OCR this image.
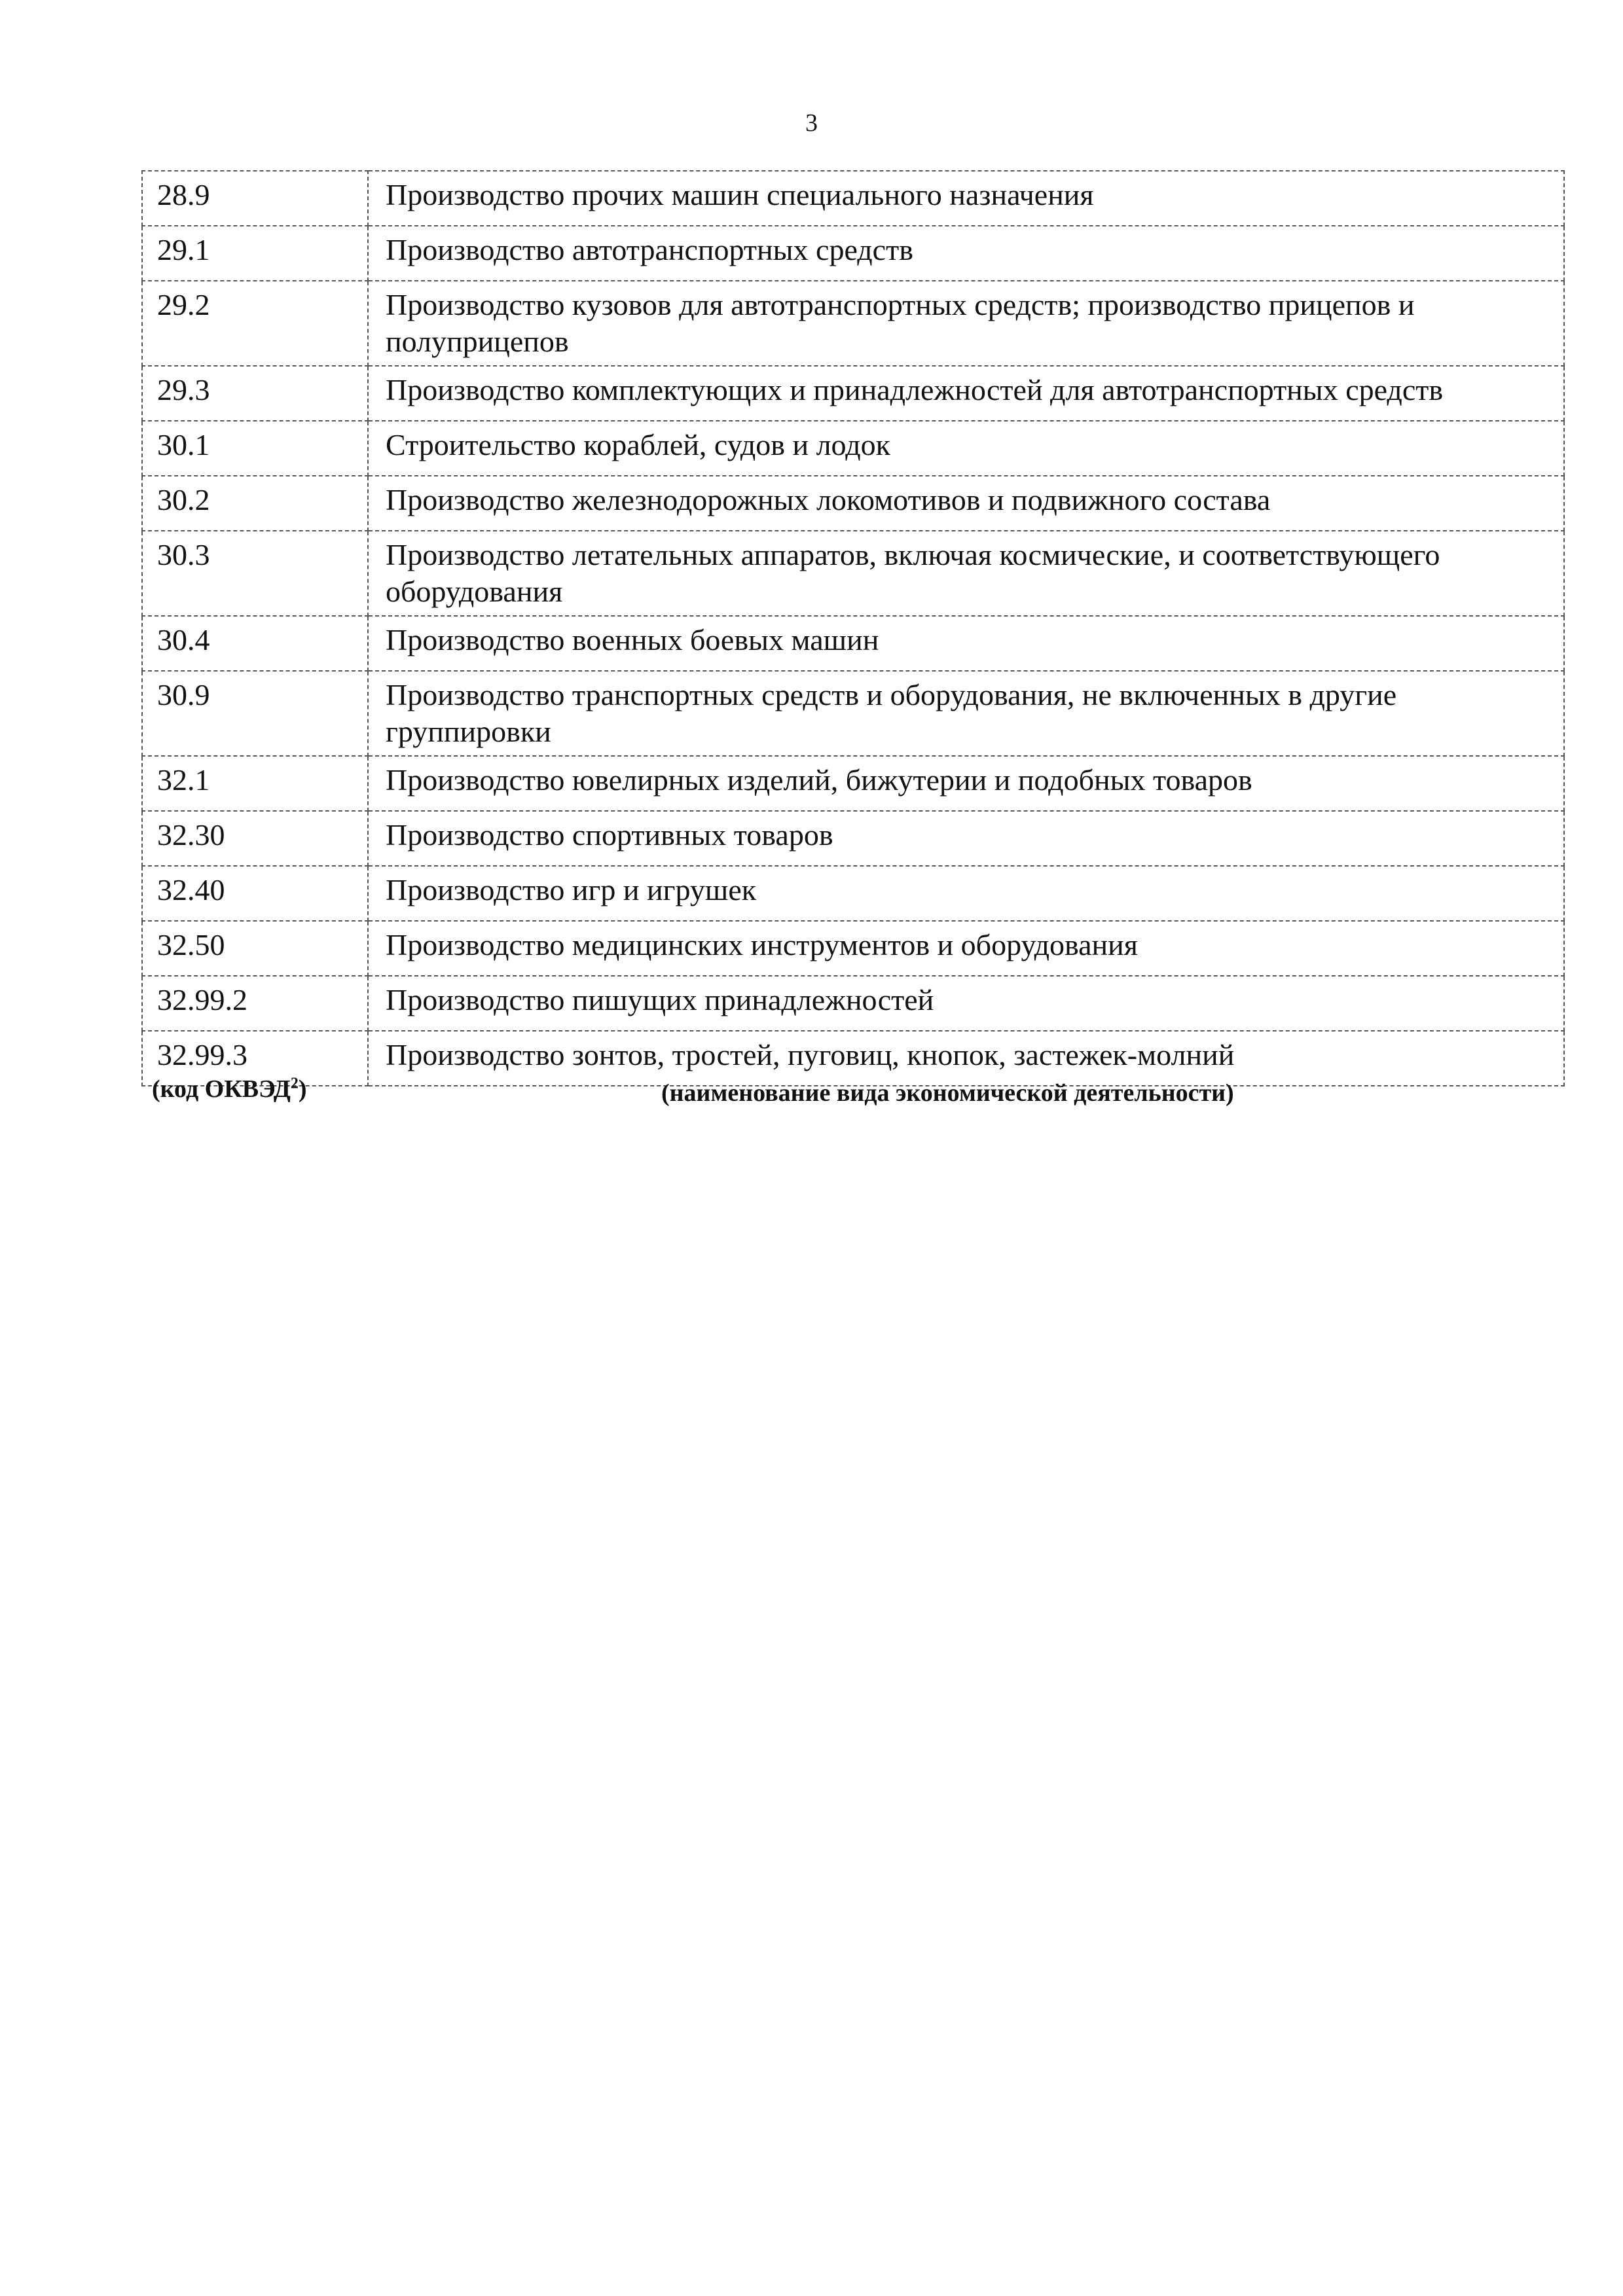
3
28.9	Производство прочих машин специального назначения
29.1	Производство автотранспортных средств
29.2	Производство кузовов для автотранспортных средств; производство прицепов и полуприцепов
29.3	Производство комплектующих и принадлежностей для автотранспортных средств
30.1	Строительство кораблей, судов и лодок
30.2	Производство железнодорожных локомотивов и подвижного состава
30.3	Производство летательных аппаратов, включая космические, и соответствующего оборудования
30.4	Производство военных боевых машин
30.9	Производство транспортных средств и оборудования, не включенных в другие группировки
32.1	Производство ювелирных изделий, бижутерии и подобных товаров
32.30	Производство спортивных товаров
32.40	Производство игр и игрушек
32.50	Производство медицинских инструментов и оборудования
32.99.2	Производство пишущих принадлежностей
32.99.3	Производство зонтов, тростей, пуговиц, кнопок, застежек-молний
(код ОКВЭД$^2$)	(наименование вида экономической деятельности)
